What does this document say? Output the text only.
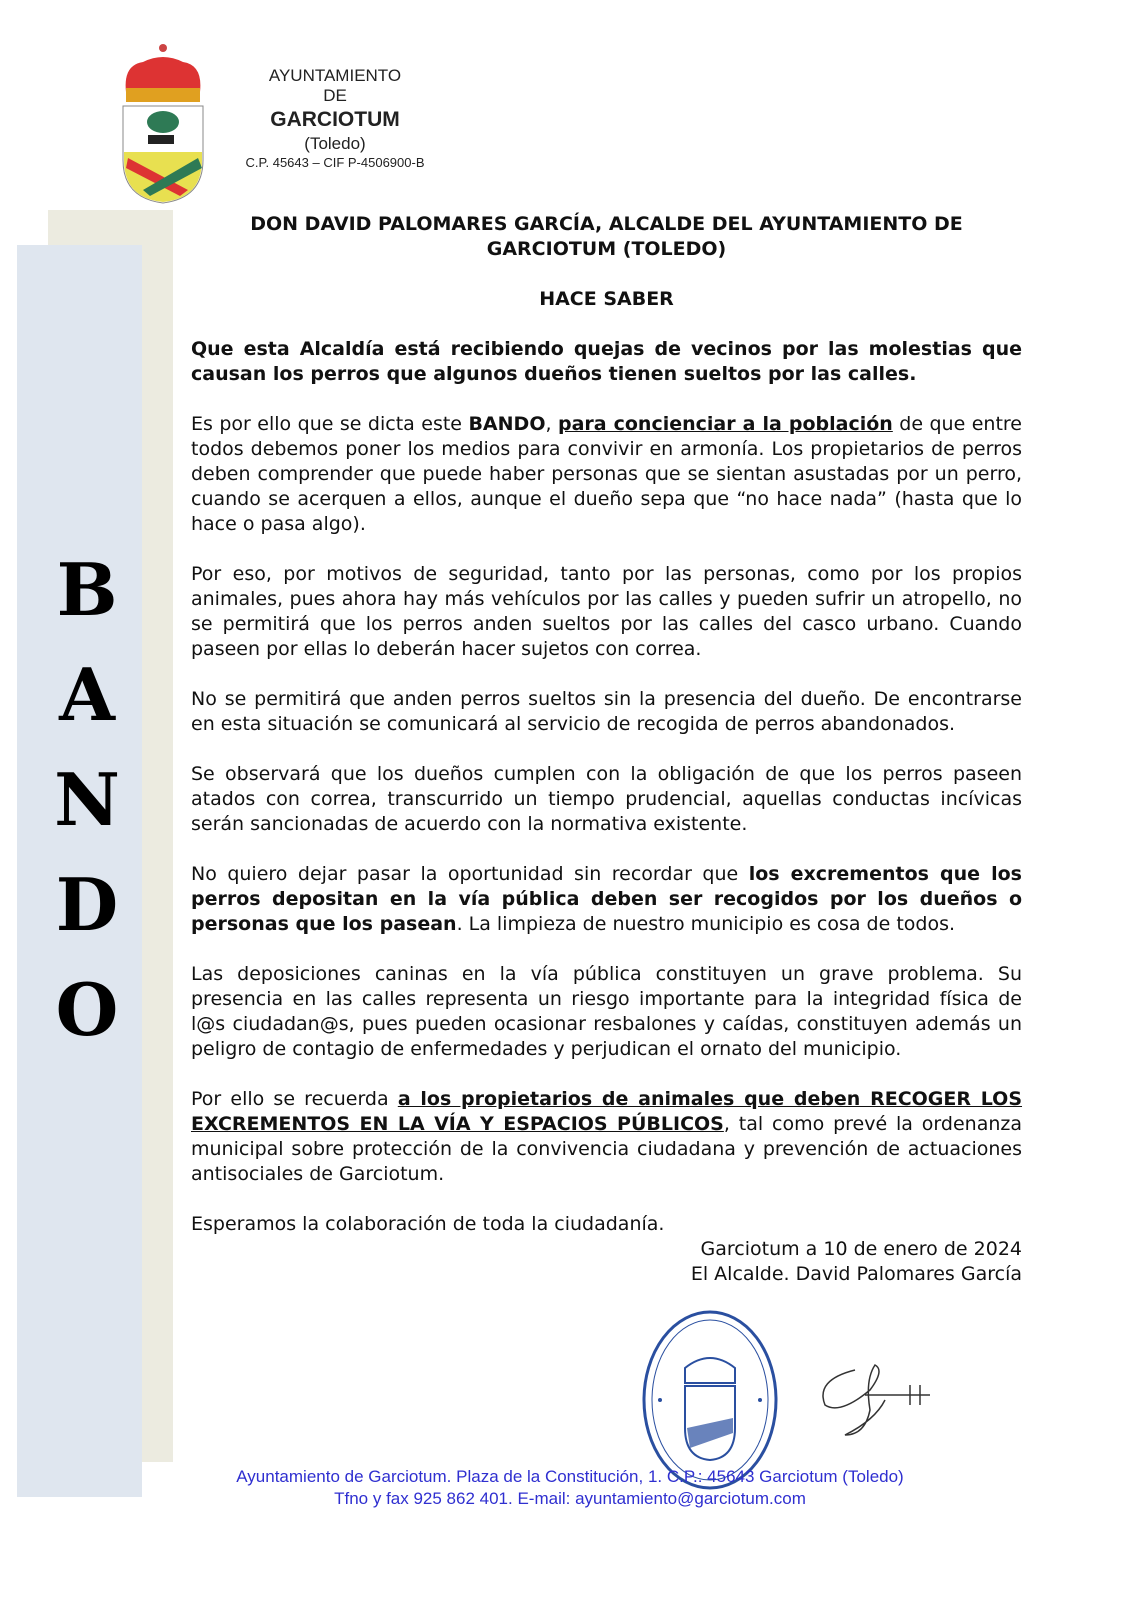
B
A
N
D
O
AYUNTAMIENTO
DE
GARCIOTUM
(Toledo)
C.P. 45643 – CIF P-4506900-B
DON DAVID PALOMARES GARCÍA, ALCALDE DEL AYUNTAMIENTO DE
GARCIOTUM (TOLEDO)
HACE SABER

Que esta Alcaldía está recibiendo quejas de vecinos por las molestias que causan los perros que algunos dueños tienen sueltos por las calles.

Es por ello que se dicta este BANDO, para concienciar a la población de que entre todos debemos poner los medios para convivir en armonía. Los propietarios de perros deben comprender que puede haber personas que se sientan asustadas por un perro, cuando se acerquen a ellos, aunque el dueño sepa que “no hace nada” (hasta que lo hace o pasa algo).

Por eso, por motivos de seguridad, tanto por las personas, como por los propios animales, pues ahora hay más vehículos por las calles y pueden sufrir un atropello, no se permitirá que los perros anden sueltos por las calles del casco urbano. Cuando paseen por ellas lo deberán hacer sujetos con correa.

No se permitirá que anden perros sueltos sin la presencia del dueño. De encontrarse en esta situación se comunicará al servicio de recogida de perros abandonados.

Se observará que los dueños cumplen con la obligación de que los perros paseen atados con correa, transcurrido un tiempo prudencial, aquellas conductas incívicas serán sancionadas de acuerdo con la normativa existente.

No quiero dejar pasar la oportunidad sin recordar que los excrementos que los perros depositan en la vía pública deben ser recogidos por los dueños o personas que los pasean. La limpieza de nuestro municipio es cosa de todos.

Las deposiciones caninas en la vía pública constituyen un grave problema. Su presencia en las calles representa un riesgo importante para la integridad física de l@s ciudadan@s, pues pueden ocasionar resbalones y caídas, constituyen además un peligro de contagio de enfermedades y perjudican el ornato del municipio.

Por ello se recuerda a los propietarios de animales que deben RECOGER LOS EXCREMENTOS EN LA VÍA Y ESPACIOS PÚBLICOS, tal como prevé la ordenanza municipal sobre protección de la convivencia ciudadana y prevención de actuaciones antisociales de Garciotum.

Esperamos la colaboración de toda la ciudadanía.

Garciotum a 10 de enero de 2024
El Alcalde. David Palomares García
Ayuntamiento de Garciotum. Plaza de la Constitución, 1. C.P.: 45643 Garciotum (Toledo)
Tfno y fax 925 862 401. E-mail: ayuntamiento@garciotum.com
